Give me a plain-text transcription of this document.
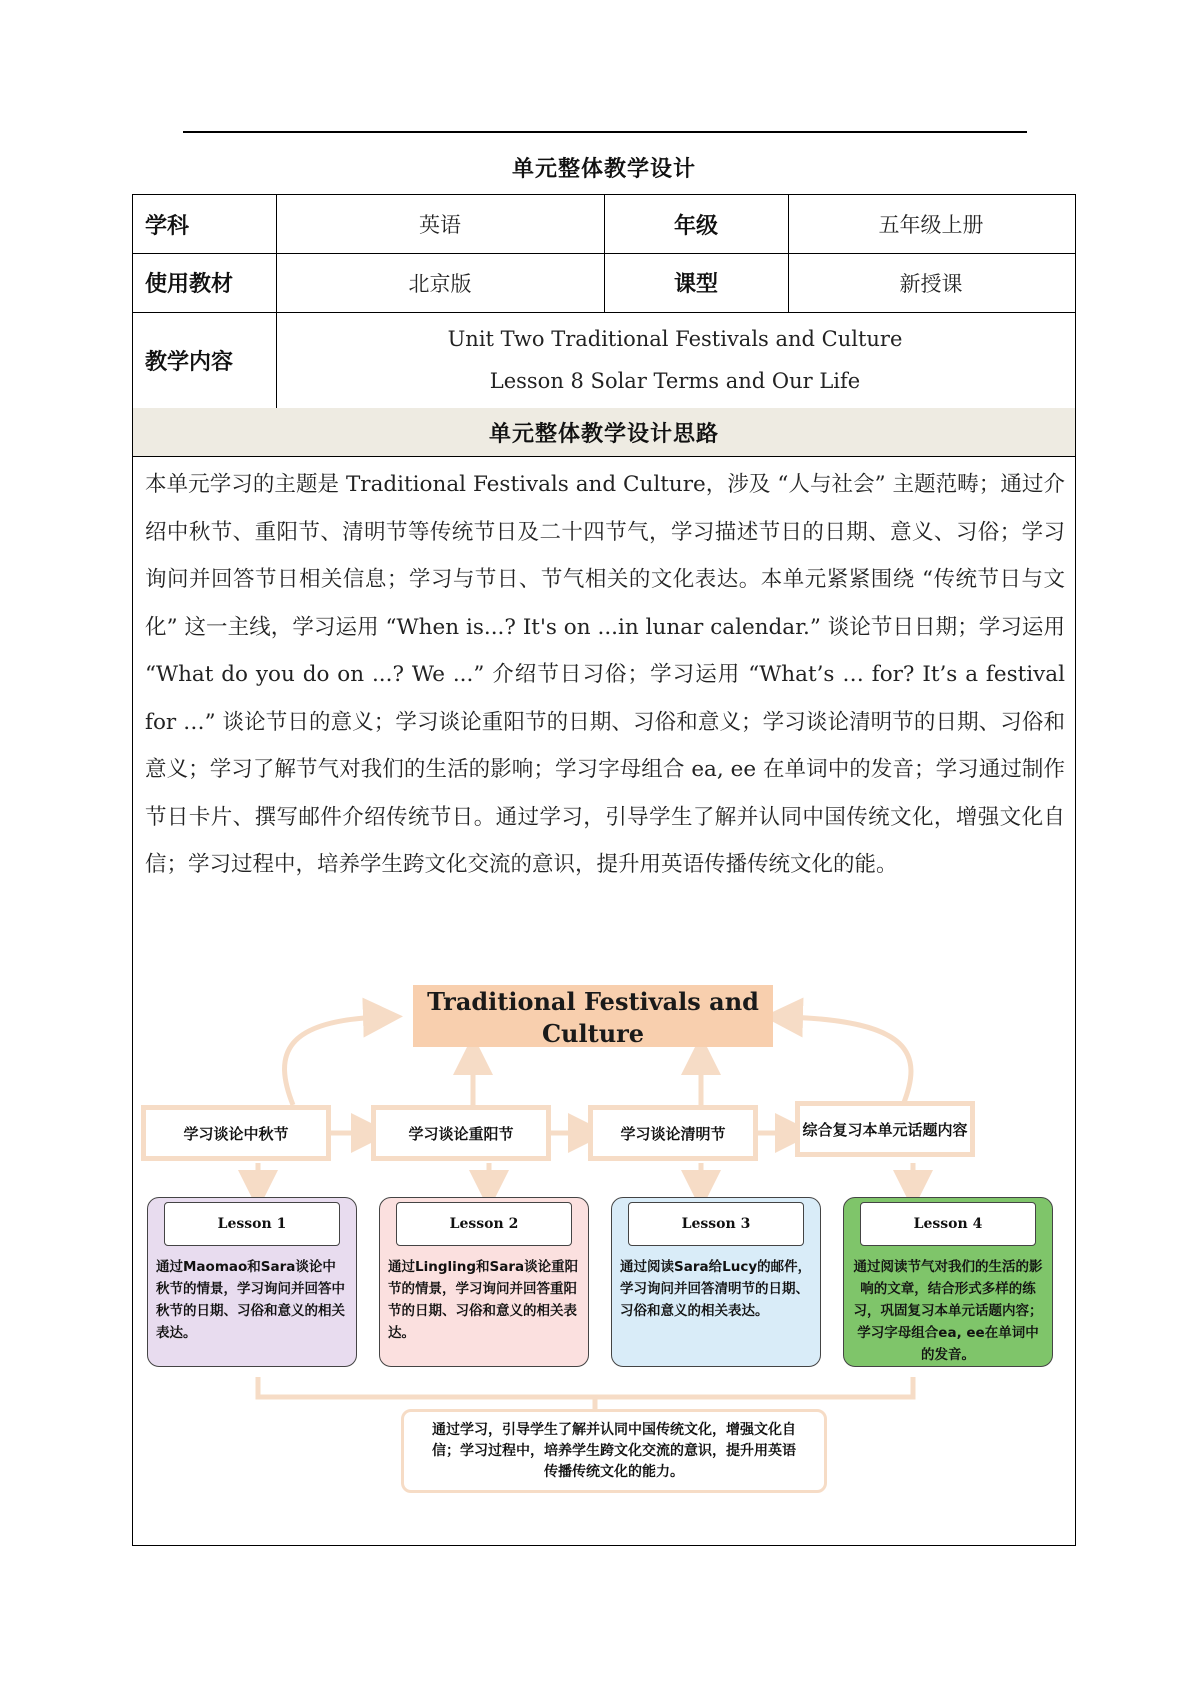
单元整体教学设计
学科	英语	年级	五年级上册
使用教材	北京版	课型	新授课
教学内容
Unit Two Traditional Festivals and Culture
Lesson 8 Solar Terms and Our Life
单元整体教学设计思路

本单元学习的主题是 Traditional Festivals and Culture，涉及 “人与社会” 主题范畴；通过介绍中秋节、重阳节、清明节等传统节日及二十四节气，学习描述节日的日期、意义、习俗；学习询问并回答节日相关信息；学习与节日、节气相关的文化表达。本单元紧紧围绕 “传统节日与文化” 这一主线，学习运用 “When is...? It's on ...in lunar calendar.” 谈论节日日期；学习运用 “What do you do on ...? We ...” 介绍节日习俗；学习运用 “What’s … for? It’s a festival for …” 谈论节日的意义；学习谈论重阳节的日期、习俗和意义；学习谈论清明节的日期、习俗和意义；学习了解节气对我们的生活的影响；学习字母组合 ea, ee 在单词中的发音；学习通过制作节日卡片、撰写邮件介绍传统节日。通过学习，引导学生了解并认同中国传统文化，增强文化自信；学习过程中，培养学生跨文化交流的意识，提升用英语传播传统文化的能。

Traditional Festivals and
Culture
学习谈论中秋节	学习谈论重阳节	学习谈论清明节	综合复习本单元话题内容
Lesson 1
通过Maomao和Sara谈论中秋节的情景，学习询问并回答中秋节的日期、习俗和意义的相关表达。
Lesson 2
通过Lingling和Sara谈论重阳节的情景，学习询问并回答重阳节的日期、习俗和意义的相关表达。
Lesson 3
通过阅读Sara给Lucy的邮件，学习询问并回答清明节的日期、习俗和意义的相关表达。
Lesson 4
通过阅读节气对我们的生活的影响的文章，结合形式多样的练习，巩固复习本单元话题内容；学习字母组合ea, ee在单词中的发音。
通过学习，引导学生了解并认同中国传统文化，增强文化自信；学习过程中，培养学生跨文化交流的意识，提升用英语传播传统文化的能力。
